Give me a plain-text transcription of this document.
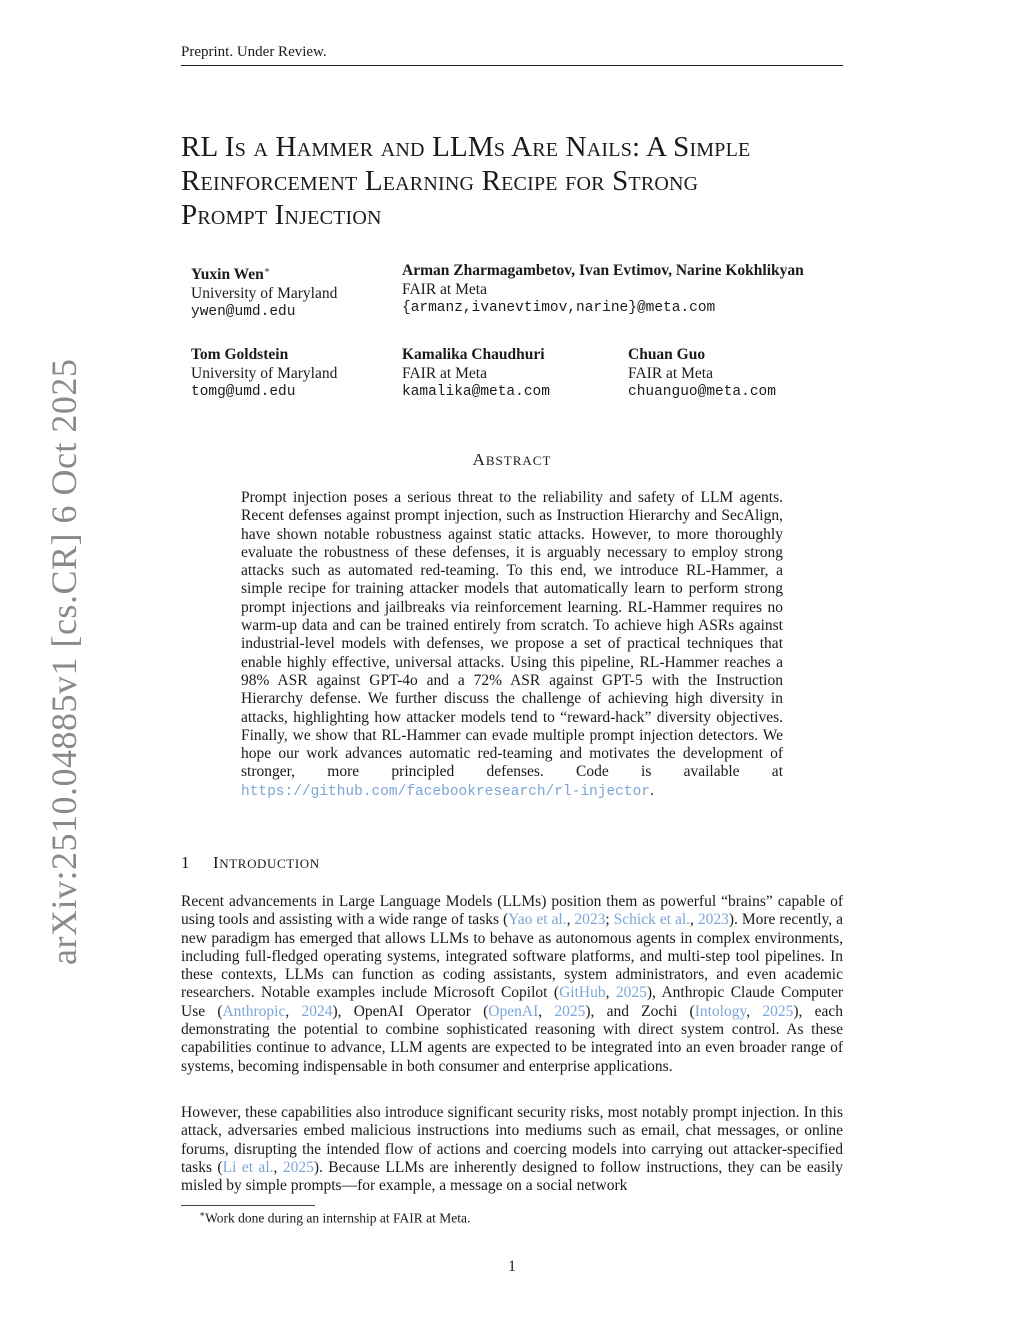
Preprint. Under Review.
arXiv:2510.04885v1 [cs.CR] 6 Oct 2025
RL Is a Hammer and LLMs Are Nails: A Simple
Reinforcement Learning Recipe for Strong
Prompt Injection
Yuxin Wen∗
University of Maryland
ywen@umd.edu
Arman Zharmagambetov, Ivan Evtimov, Narine Kokhlikyan
FAIR at Meta
{armanz,ivanevtimov,narine}@meta.com
Tom Goldstein
University of Maryland
tomg@umd.edu
Kamalika Chaudhuri
FAIR at Meta
kamalika@meta.com
Chuan Guo
FAIR at Meta
chuanguo@meta.com
ABSTRACT
Prompt injection poses a serious threat to the reliability and safety of LLM agents. Recent defenses against prompt injection, such as Instruction Hierarchy and SecAlign, have shown notable robustness against static attacks. However, to more thoroughly evaluate the robustness of these defenses, it is arguably necessary to employ strong attacks such as automated red-teaming. To this end, we introduce RL-Hammer, a simple recipe for training attacker models that automatically learn to perform strong prompt injections and jailbreaks via reinforcement learning. RL-Hammer requires no warm-up data and can be trained entirely from scratch. To achieve high ASRs against industrial-level models with defenses, we propose a set of practical techniques that enable highly effective, universal attacks. Using this pipeline, RL-Hammer reaches a 98% ASR against GPT-4o and a 72% ASR against GPT-5 with the Instruction Hierarchy defense. We further discuss the challenge of achieving high diversity in attacks, highlighting how attacker models tend to “reward-hack” diversity objectives. Finally, we show that RL-Hammer can evade multiple prompt injection detectors. We hope our work advances automatic red-teaming and motivates the development of stronger, more principled defenses. Code is available at https://github.com/facebookresearch/rl-injector.
1 INTRODUCTION
Recent advancements in Large Language Models (LLMs) position them as powerful “brains” capable of using tools and assisting with a wide range of tasks (Yao et al., 2023; Schick et al., 2023). More recently, a new paradigm has emerged that allows LLMs to behave as autonomous agents in complex environments, including full-fledged operating systems, integrated software platforms, and multi-step tool pipelines. In these contexts, LLMs can function as coding assistants, system administrators, and even academic researchers. Notable examples include Microsoft Copilot (GitHub, 2025), Anthropic Claude Computer Use (Anthropic, 2024), OpenAI Operator (OpenAI, 2025), and Zochi (Intology, 2025), each demonstrating the potential to combine sophisticated reasoning with direct system control. As these capabilities continue to advance, LLM agents are expected to be integrated into an even broader range of systems, becoming indispensable in both consumer and enterprise applications.
However, these capabilities also introduce significant security risks, most notably prompt injection. In this attack, adversaries embed malicious instructions into mediums such as email, chat messages, or online forums, disrupting the intended flow of actions and coercing models into carrying out attacker-specified tasks (Li et al., 2025). Because LLMs are inherently designed to follow instructions, they can be easily misled by simple prompts—for example, a message on a social network
∗Work done during an internship at FAIR at Meta.
1
